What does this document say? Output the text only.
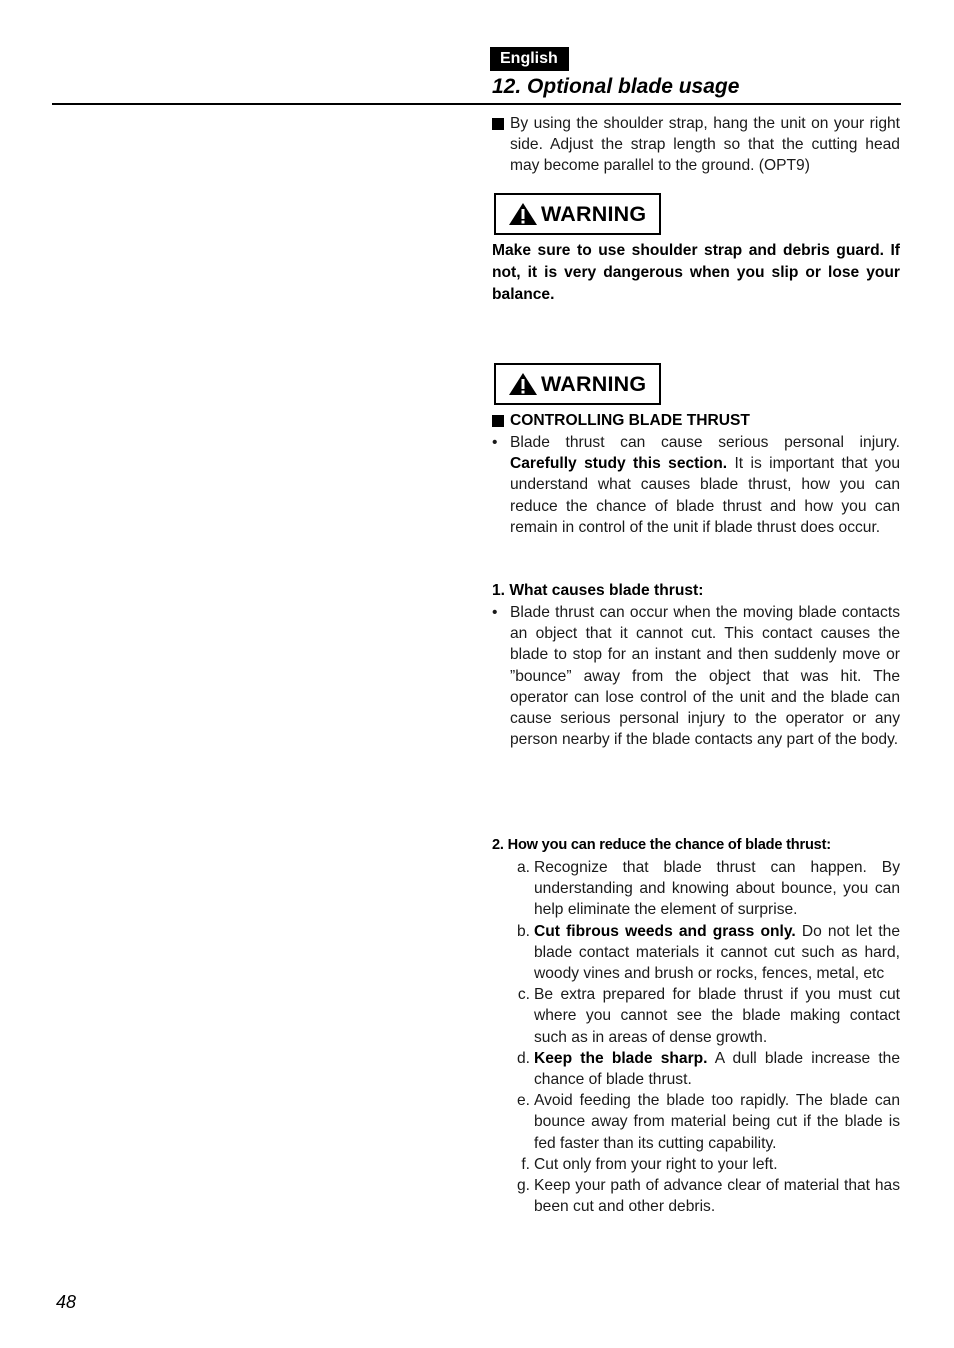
English
12. Optional blade usage
By using the shoulder strap, hang the unit on your right side. Adjust the strap length so that the cutting head may become parallel to the ground. (OPT9)
WARNING
Make sure to use shoulder strap and debris guard. If not, it is very dangerous when you slip or lose your balance.
WARNING
CONTROLLING BLADE THRUST
• Blade thrust can cause serious personal injury. Carefully study this section. It is important that you understand what causes blade thrust, how you can reduce the chance of blade thrust and how you can remain in control of the unit if blade thrust does occur.
1. What causes blade thrust:
• Blade thrust can occur when the moving blade contacts an object that it cannot cut. This contact causes the blade to stop for an instant and then suddenly move or ”bounce” away from the object that was hit. The operator can lose control of the unit and the blade can cause serious personal injury to the operator or any person nearby if the blade contacts any part of the body.
2. How you can reduce the chance of blade thrust:
a. Recognize that blade thrust can happen. By understanding and knowing about bounce, you can help eliminate the element of surprise.
b. Cut fibrous weeds and grass only. Do not let the blade contact materials it cannot cut such as hard, woody vines and brush or rocks, fences, metal, etc
c. Be extra prepared for blade thrust if you must cut where you cannot see the blade making contact such as in areas of dense growth.
d. Keep the blade sharp. A dull blade increase the chance of blade thrust.
e. Avoid feeding the blade too rapidly. The blade can bounce away from material being cut if the blade is fed faster than its cutting capability.
f. Cut only from your right to your left.
g. Keep your path of advance clear of material that has been cut and other debris.
48
